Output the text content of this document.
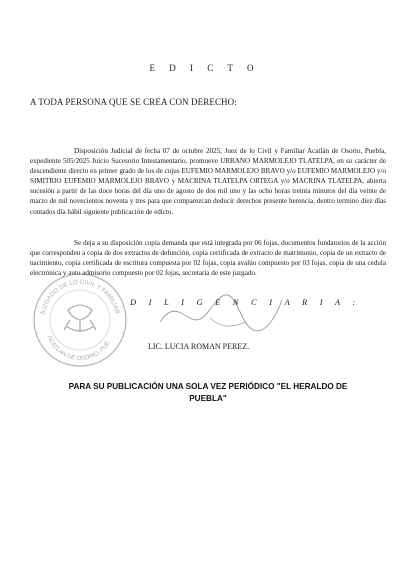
E D I C T O
A TODA PERSONA QUE SE CREA CON DERECHO:
Disposición Judicial de fecha 07 de octubre 2025, Juez de lo Civil y Familiar Acatlán de Osorio, Puebla, expediente 505/2025 Juicio Sucesorio Intestamentario, promueve URBANO MARMOLEJO TLATELPA, en su carácter de descendiente directo en primer grado de los de cujus EUFEMIO MARMOLEJO BRAVO y/o EUFEMIO MARMOLEJO y/o SIMITRIO EUFEMIO MARMOLEJO BRAVO y MACRINA TLATELPA ORTEGA y/o MACRINA TLATELPA, abierta sucesión a partir de las doce horas del día uno de agosto de dos mil uno y las ocho horas treinta minutos del día veinte de marzo de mil novecientos noventa y tres para que comparezcan deducir derechos presente herencia, dentro termino diez días contados día hábil siguiente publicación de edicto.
Se deja a su disposición copia demanda que está integrada por 06 fojas, documentos fundatorios de la acción que corresponden a copia de dos extractos de defunción, copia certificada de extracto de matrimonio, copia de un extracto de nacimiento, copia certificada de escritura compuesta por 02 fojas, copia avalúo compuesto por 03 fojas, copia de una cedula electrónica y auto admisorio compuesto por 02 fojas, secretaria de este juzgado.
JUZGADO DE LO CIVIL Y FAMILIAR
ACATLAN DE OSORIO, PUE.
D I L I G E N C I A R I A :
LIC. LUCIA ROMAN PEREZ.
PARA SU PUBLICACIÓN UNA SOLA VEZ PERIÓDICO "EL HERALDO DE
PUEBLA"
